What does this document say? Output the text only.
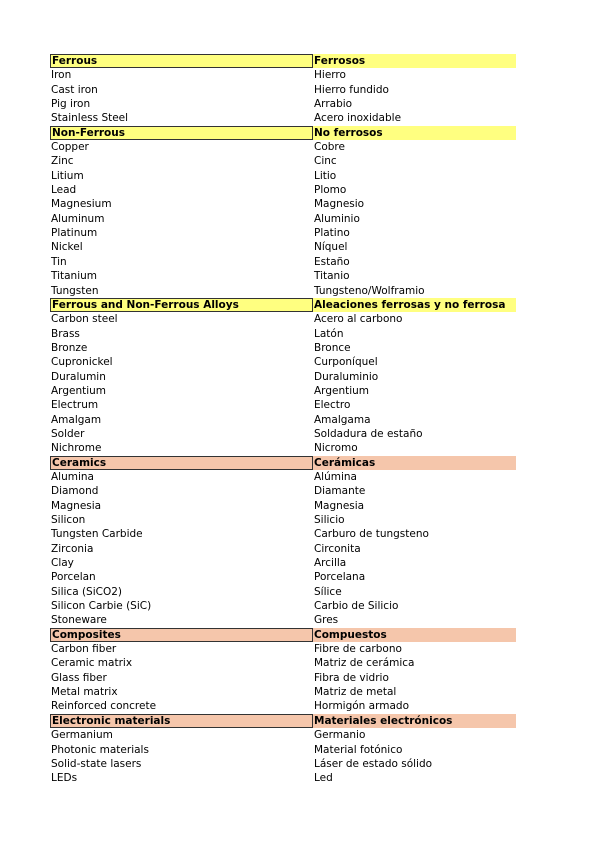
Ferrous	Ferrosos
Iron	Hierro
Cast iron	Hierro fundido
Pig iron	Arrabio
Stainless Steel	Acero inoxidable
Non-Ferrous	No ferrosos
Copper	Cobre
Zinc	Cinc
Litium	Litio
Lead	Plomo
Magnesium	Magnesio
Aluminum	Aluminio
Platinum	Platino
Nickel	Níquel
Tin	Estaño
Titanium	Titanio
Tungsten	Tungsteno/Wolframio
Ferrous and Non-Ferrous Alloys	Aleaciones ferrosas y no ferrosa
Carbon steel	Acero al carbono
Brass	Latón
Bronze	Bronce
Cupronickel	Curponíquel
Duralumin	Duraluminio
Argentium	Argentium
Electrum	Electro
Amalgam	Amalgama
Solder	Soldadura de estaño
Nichrome	Nicromo
Ceramics	Cerámicas
Alumina	Alúmina
Diamond	Diamante
Magnesia	Magnesia
Silicon	Silicio
Tungsten Carbide	Carburo de tungsteno
Zirconia	Circonita
Clay	Arcilla
Porcelan	Porcelana
Silica (SiCO2)	Sílice
Silicon Carbie (SiC)	Carbio de Silicio
Stoneware	Gres
Composites	Compuestos
Carbon fiber	Fibre de carbono
Ceramic matrix	Matriz de cerámica
Glass fiber	Fibra de vidrio
Metal matrix	Matriz de metal
Reinforced concrete	Hormigón armado
Electronic materials	Materiales electrónicos
Germanium	Germanio
Photonic materials	Material fotónico
Solid-state lasers	Láser de estado sólido
LEDs	Led
